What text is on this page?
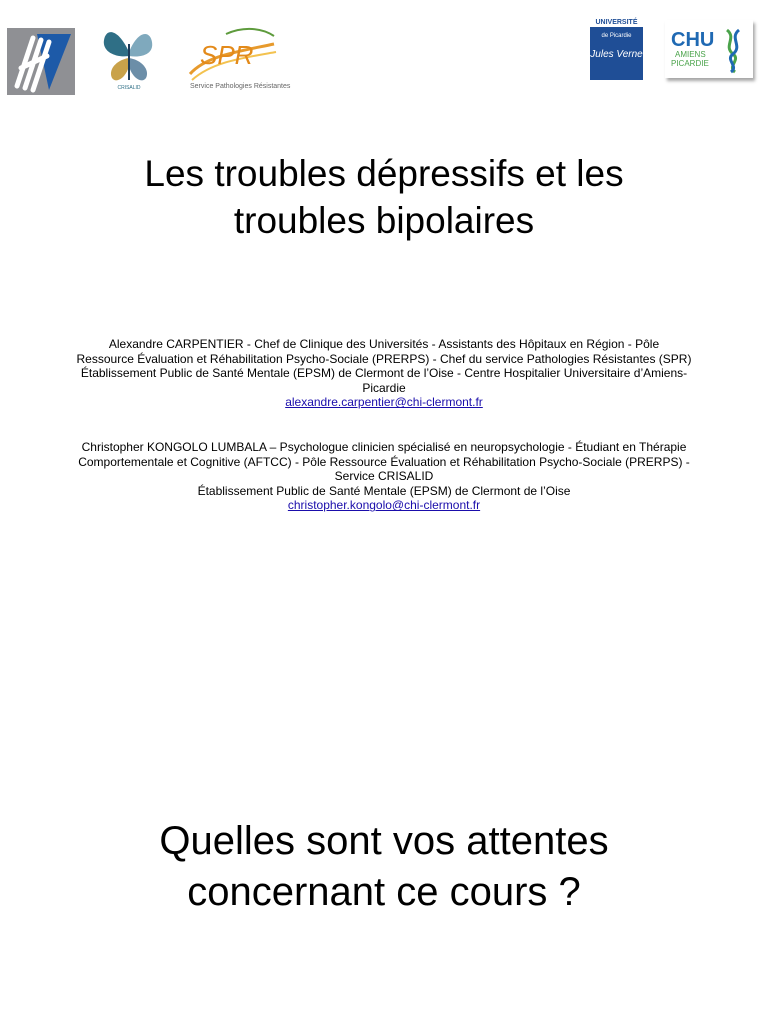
CRISALID
SPR
Service Pathologies Résistantes
UNIVERSITÉ
de Picardie
Jules Verne
CHU
AMIENS
PICARDIE
Les troubles dépressifs et les troubles bipolaires

Alexandre CARPENTIER - Chef de Clinique des Universités - Assistants des Hôpitaux en Région - Pôle

Ressource Évaluation et Réhabilitation Psycho-Sociale (PRERPS) - Chef du service Pathologies Résistantes (SPR)

Établissement Public de Santé Mentale (EPSM) de Clermont de l’Oise - Centre Hospitalier Universitaire d’Amiens-

Picardie

alexandre.carpentier@chi-clermont.fr

Christopher KONGOLO LUMBALA – Psychologue clinicien spécialisé en neuropsychologie - Étudiant en Thérapie

Comportementale et Cognitive (AFTCC) - Pôle Ressource Évaluation et Réhabilitation Psycho-Sociale (PRERPS) -

Service CRISALID

Établissement Public de Santé Mentale (EPSM) de Clermont de l’Oise

christopher.kongolo@chi-clermont.fr

Quelles sont vos attentes concernant ce cours ?
